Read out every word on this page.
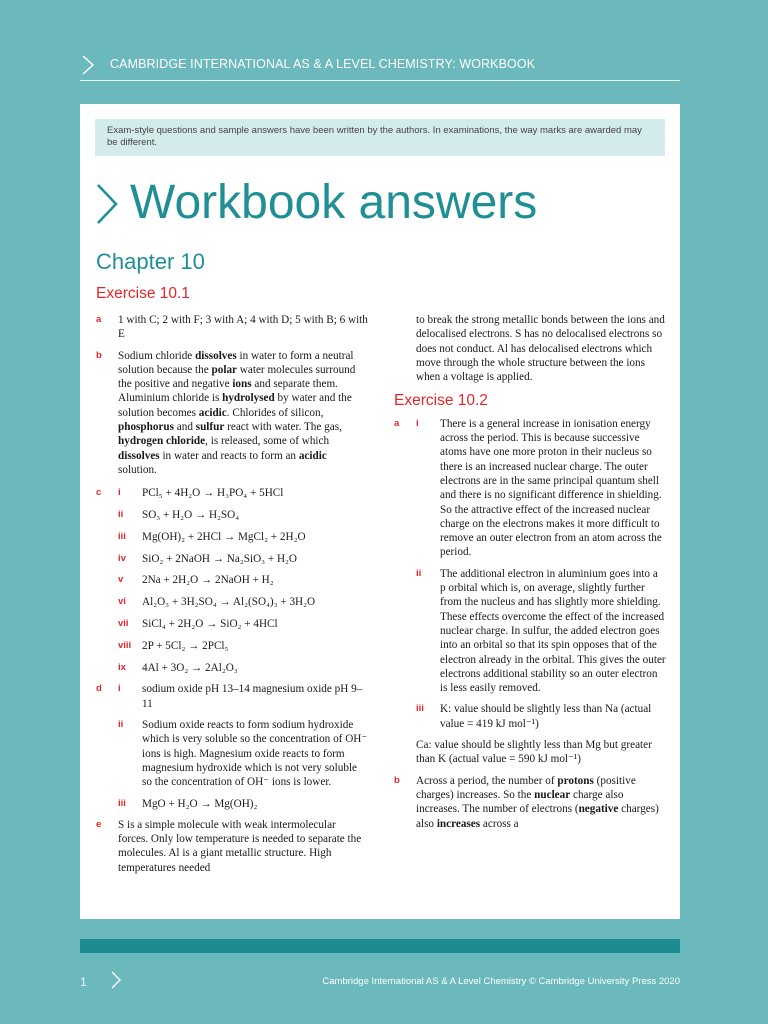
CAMBRIDGE INTERNATIONAL AS & A LEVEL CHEMISTRY: WORKBOOK
Exam-style questions and sample answers have been written by the authors. In examinations, the way marks are awarded may be different.
Workbook answers
Chapter 10
Exercise 10.1
a	1 with C; 2 with F; 3 with A; 4 with D; 5 with B; 6 with E
b	Sodium chloride dissolves in water to form a neutral solution because the polar water molecules surround the positive and negative ions and separate them. Aluminium chloride is hydrolysed by water and the solution becomes acidic. Chlorides of silicon, phosphorus and sulfur react with water. The gas, hydrogen chloride, is released, some of which dissolves in water and reacts to form an acidic solution.
c i PCl₅ + 4H₂O → H₃PO₄ + 5HCl
ii SO₃ + H₂O → H₂SO₄
iii Mg(OH)₂ + 2HCl → MgCl₂ + 2H₂O
iv SiO₂ + 2NaOH → Na₂SiO₃ + H₂O
v 2Na + 2H₂O → 2NaOH + H₂
vi Al₂O₃ + 3H₂SO₄ → Al₂(SO₄)₃ + 3H₂O
vii SiCl₄ + 2H₂O → SiO₂ + 4HCl
viii 2P + 5Cl₂ → 2PCl₅
ix 4Al + 3O₂ → 2Al₂O₃
d i sodium oxide pH 13–14 magnesium oxide pH 9–11
ii Sodium oxide reacts to form sodium hydroxide which is very soluble so the concentration of OH⁻ ions is high. Magnesium oxide reacts to form magnesium hydroxide which is not very soluble so the concentration of OH⁻ ions is lower.
iii MgO + H₂O → Mg(OH)₂
e	S is a simple molecule with weak intermolecular forces. Only low temperature is needed to separate the molecules. Al is a giant metallic structure. High temperatures needed
to break the strong metallic bonds between the ions and delocalised electrons. S has no delocalised electrons so does not conduct. Al has delocalised electrons which move through the whole structure between the ions when a voltage is applied.
Exercise 10.2
a i There is a general increase in ionisation energy across the period. This is because successive atoms have one more proton in their nucleus so there is an increased nuclear charge. The outer electrons are in the same principal quantum shell and there is no significant difference in shielding. So the attractive effect of the increased nuclear charge on the electrons makes it more difficult to remove an outer electron from an atom across the period.
ii The additional electron in aluminium goes into a p orbital which is, on average, slightly further from the nucleus and has slightly more shielding. These effects overcome the effect of the increased nuclear charge. In sulfur, the added electron goes into an orbital so that its spin opposes that of the electron already in the orbital. This gives the outer electrons additional stability so an outer electron is less easily removed.
iii K: value should be slightly less than Na (actual value = 419 kJ mol⁻¹)
Ca: value should be slightly less than Mg but greater than K (actual value = 590 kJ mol⁻¹)
b	Across a period, the number of protons (positive charges) increases. So the nuclear charge also increases. The number of electrons (negative charges) also increases across a
1	Cambridge International AS & A Level Chemistry © Cambridge University Press 2020
